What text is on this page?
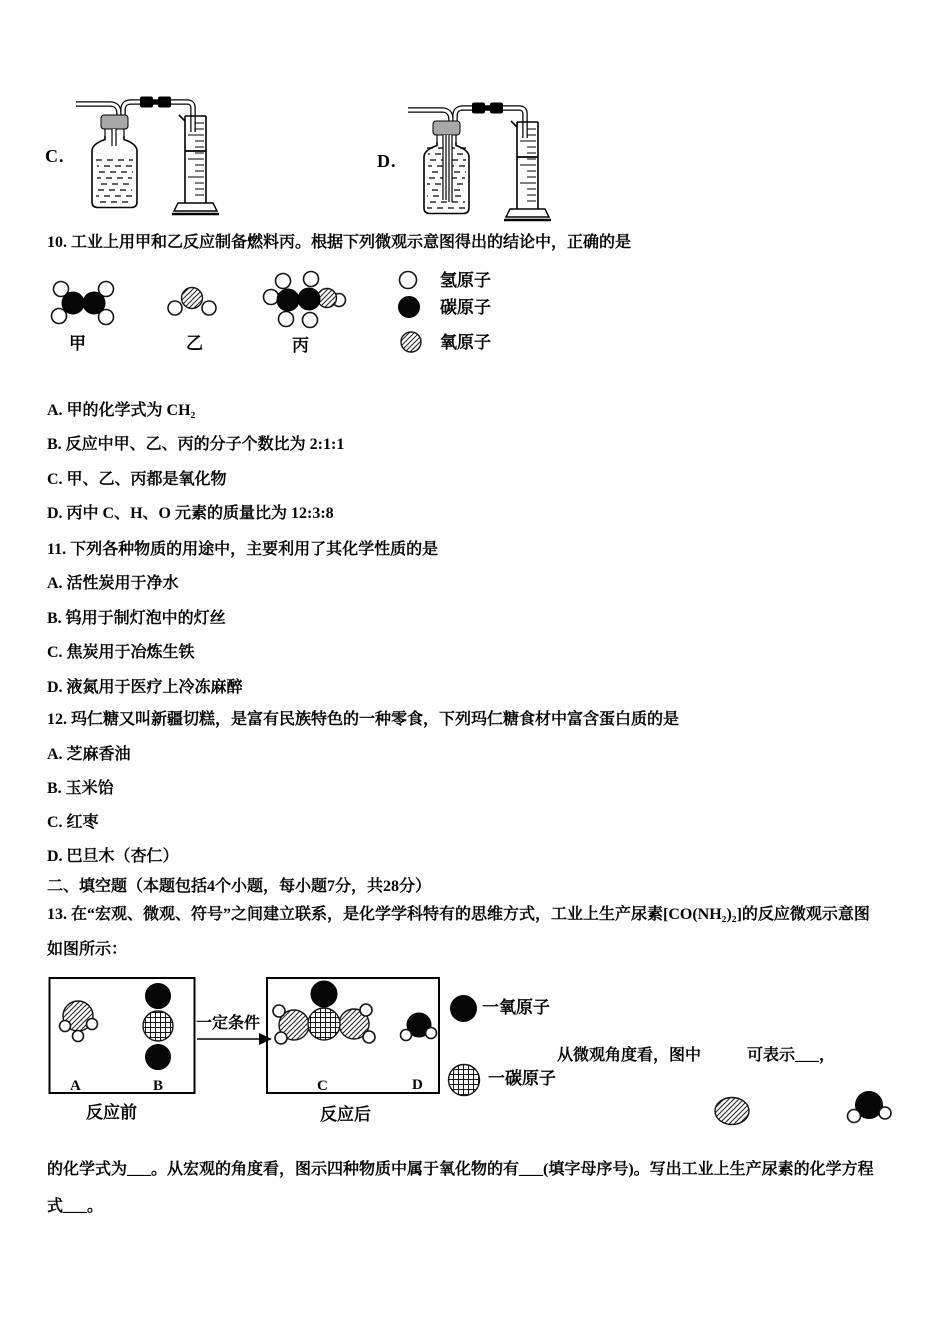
C.	D.
10. 工业上用甲和乙反应制备燃料丙。根据下列微观示意图得出的结论中，正确的是
甲	乙	丙
氢原子
碳原子
氧原子
A. 甲的化学式为 CH₂
B. 反应中甲、乙、丙的分子个数比为 2:1:1
C. 甲、乙、丙都是氧化物
D. 丙中 C、H、O 元素的质量比为 12:3:8
11. 下列各种物质的用途中，主要利用了其化学性质的是
A. 活性炭用于净水
B. 钨用于制灯泡中的灯丝
C. 焦炭用于冶炼生铁
D. 液氮用于医疗上冷冻麻醉
12. 玛仁糖又叫新疆切糕，是富有民族特色的一种零食，下列玛仁糖食材中富含蛋白质的是
A. 芝麻香油
B. 玉米饴
C. 红枣
D. 巴旦木（杏仁）
二、填空题（本题包括4个小题，每小题7分，共28分）
13. 在“宏观、微观、符号”之间建立联系，是化学学科特有的思维方式，工业上生产尿素[CO(NH₂)₂]的反应微观示意图
如图所示：
A	B	C	D
反应前	反应后
一定条件
一氧原子
一碳原子
从微观角度看，图中	可表示___，
的化学式为___。从宏观的角度看，图示四种物质中属于氧化物的有___(填字母序号)。写出工业上生产尿素的化学方程
式___。
